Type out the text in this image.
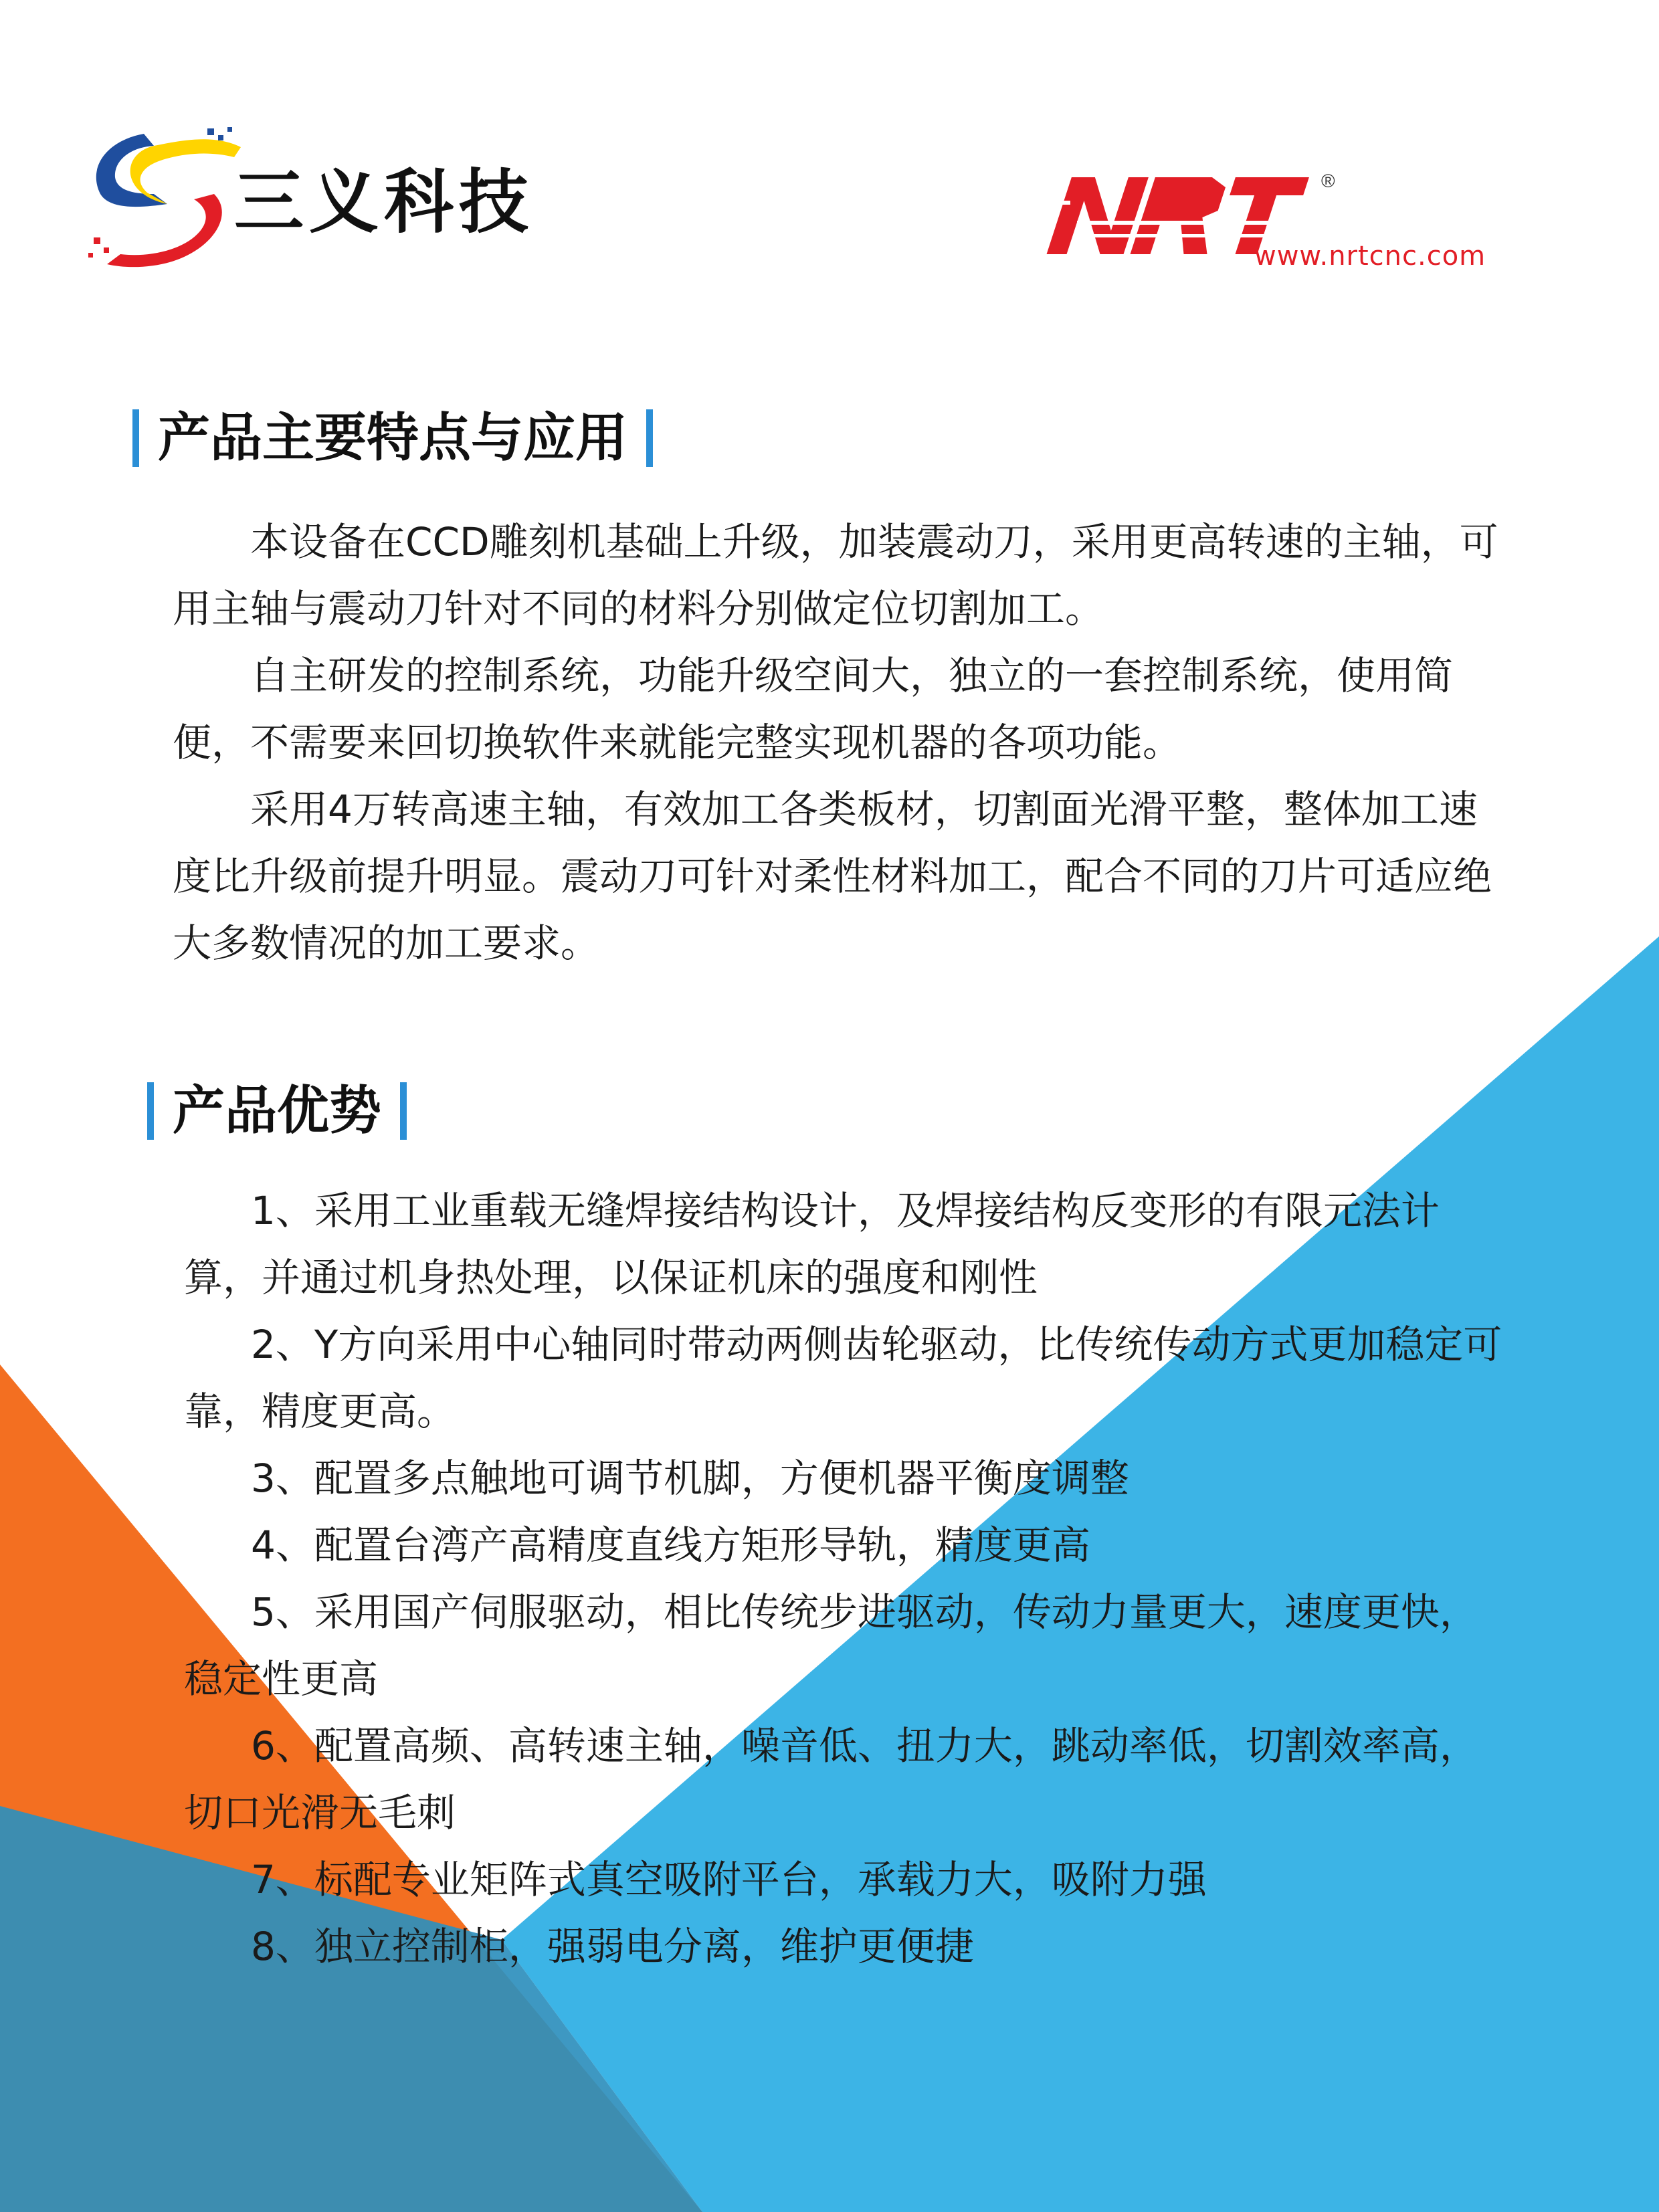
三义科技	®
www.nrtcnc.com
产品主要特点与应用

本设备在CCD雕刻机基础上升级，加装震动刀，采用更高转速的主轴，可用主轴与震动刀针对不同的材料分别做定位切割加工。

自主研发的控制系统，功能升级空间大，独立的一套控制系统，使用简便，不需要来回切换软件来就能完整实现机器的各项功能。

采用4万转高速主轴，有效加工各类板材，切割面光滑平整，整体加工速度比升级前提升明显。震动刀可针对柔性材料加工，配合不同的刀片可适应绝大多数情况的加工要求。

产品优势

1、采用工业重载无缝焊接结构设计，及焊接结构反变形的有限元法计算，并通过机身热处理，以保证机床的强度和刚性

2、Y方向采用中心轴同时带动两侧齿轮驱动，比传统传动方式更加稳定可靠，精度更高。

3、配置多点触地可调节机脚，方便机器平衡度调整

4、配置台湾产高精度直线方矩形导轨，精度更高

5、采用国产伺服驱动，相比传统步进驱动，传动力量更大，速度更快，稳定性更高

6、配置高频、高转速主轴，噪音低、扭力大，跳动率低，切割效率高，切口光滑无毛刺

7、标配专业矩阵式真空吸附平台，承载力大，吸附力强

8、独立控制柜，强弱电分离，维护更便捷
